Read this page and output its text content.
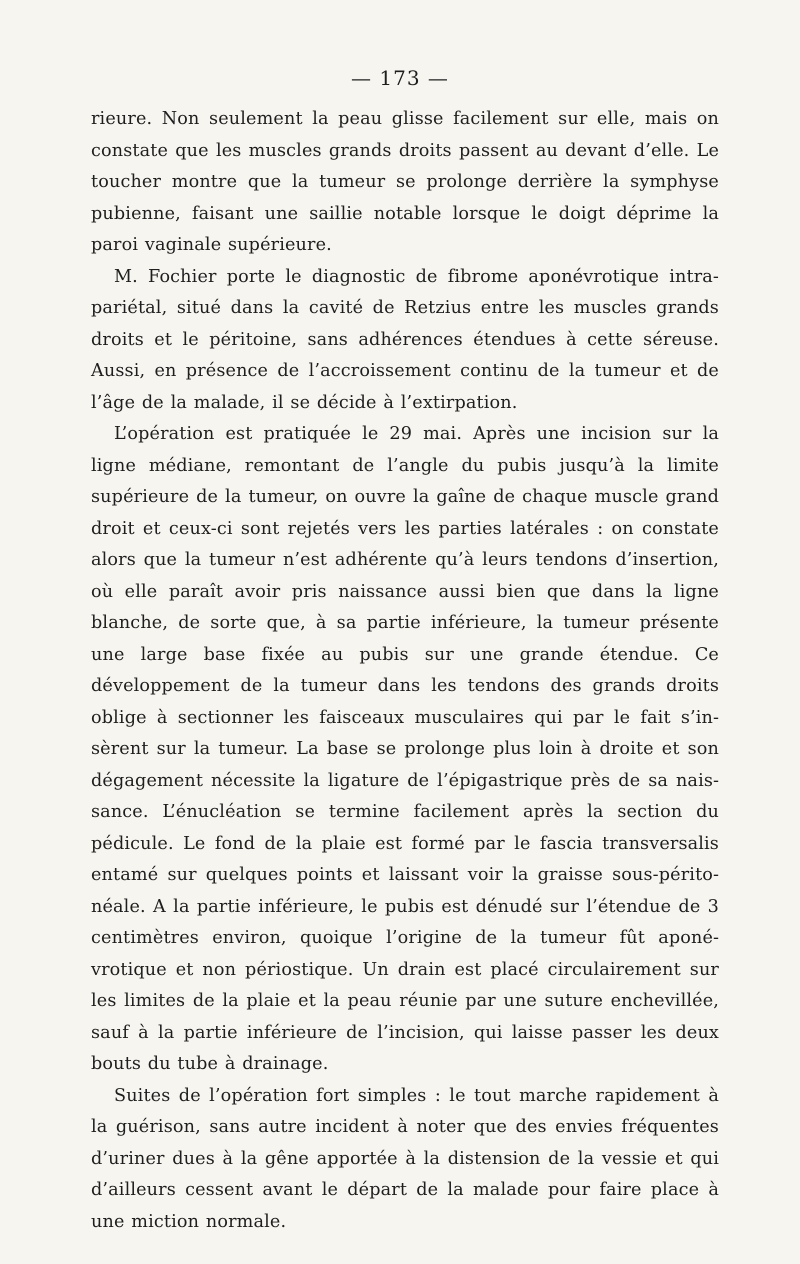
— 173 —

rieure. Non seulement la peau glisse facilement sur elle, mais on constate que les muscles grands droits passent au devant d’elle. Le toucher montre que la tumeur se prolonge derrière la symphyse pubienne, faisant une saillie notable lorsque le doigt déprime la paroi vaginale supérieure.

M. Fochier porte le diagnostic de fibrome aponévrotique intra-pariétal, situé dans la cavité de Retzius entre les muscles grands droits et le péritoine, sans adhérences étendues à cette séreuse. Aussi, en présence de l’accroissement continu de la tumeur et de l’âge de la malade, il se décide à l’extirpation.

L’opération est pratiquée le 29 mai. Après une incision sur la ligne médiane, remontant de l’angle du pubis jusqu’à la limite supérieure de la tumeur, on ouvre la gaîne de chaque muscle grand droit et ceux-ci sont rejetés vers les parties latérales : on constate alors que la tumeur n’est adhérente qu’à leurs tendons d’insertion, où elle paraît avoir pris naissance aussi bien que dans la ligne blanche, de sorte que, à sa partie inférieure, la tumeur présente une large base fixée au pubis sur une grande étendue. Ce développement de la tumeur dans les tendons des grands droits oblige à sectionner les faisceaux musculaires qui par le fait s’insèrent sur la tumeur. La base se prolonge plus loin à droite et son dégagement nécessite la ligature de l’épigastrique près de sa naissance. L’énucléation se termine facilement après la section du pédicule. Le fond de la plaie est formé par le fascia transversalis entamé sur quelques points et laissant voir la graisse sous-péritonéale. A la partie inférieure, le pubis est dénudé sur l’étendue de 3 centimètres environ, quoique l’origine de la tumeur fût aponévrotique et non périostique. Un drain est placé circulairement sur les limites de la plaie et la peau réunie par une suture enchevillée, sauf à la partie inférieure de l’incision, qui laisse passer les deux bouts du tube à drainage.

Suites de l’opération fort simples : le tout marche rapidement à la guérison, sans autre incident à noter que des envies fréquentes d’uriner dues à la gêne apportée à la distension de la vessie et qui d’ailleurs cessent avant le départ de la malade pour faire place à une miction normale.
